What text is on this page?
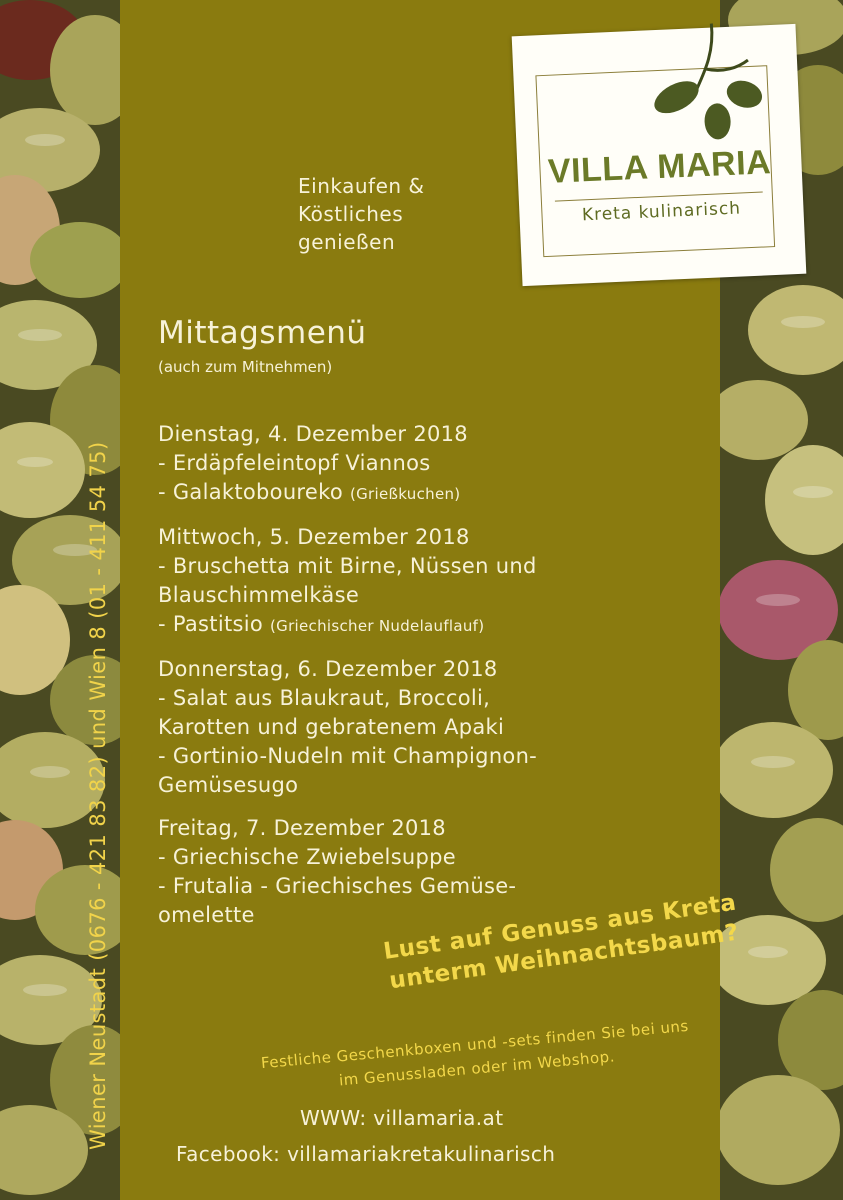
Wiener Neustadt (0676 - 421 83 82) und Wien 8 (01 - 411 54 75)
VILLA MARIA
Kreta kulinarisch
Einkaufen &
Köstliches
genießen
Mittagsmenü
(auch zum Mitnehmen)
Dienstag, 4. Dezember 2018
- Erdäpfeleintopf Viannos
- Galaktoboureko (Grießkuchen)
Mittwoch, 5. Dezember 2018
- Bruschetta mit Birne, Nüssen und
Blauschimmelkäse
- Pastitsio (Griechischer Nudelauflauf)
Donnerstag, 6. Dezember 2018
- Salat aus Blaukraut, Broccoli,
Karotten und gebratenem Apaki
- Gortinio-Nudeln mit Champignon-
Gemüsesugo
Freitag, 7. Dezember 2018
- Griechische Zwiebelsuppe
- Frutalia - Griechisches Gemüse-
omelette	Lust auf Genuss aus Kreta
unterm Weihnachtsbaum?
Festliche Geschenkboxen und -sets finden Sie bei uns
im Genussladen oder im Webshop.
WWW: villamaria.at
Facebook: villamariakretakulinarisch
